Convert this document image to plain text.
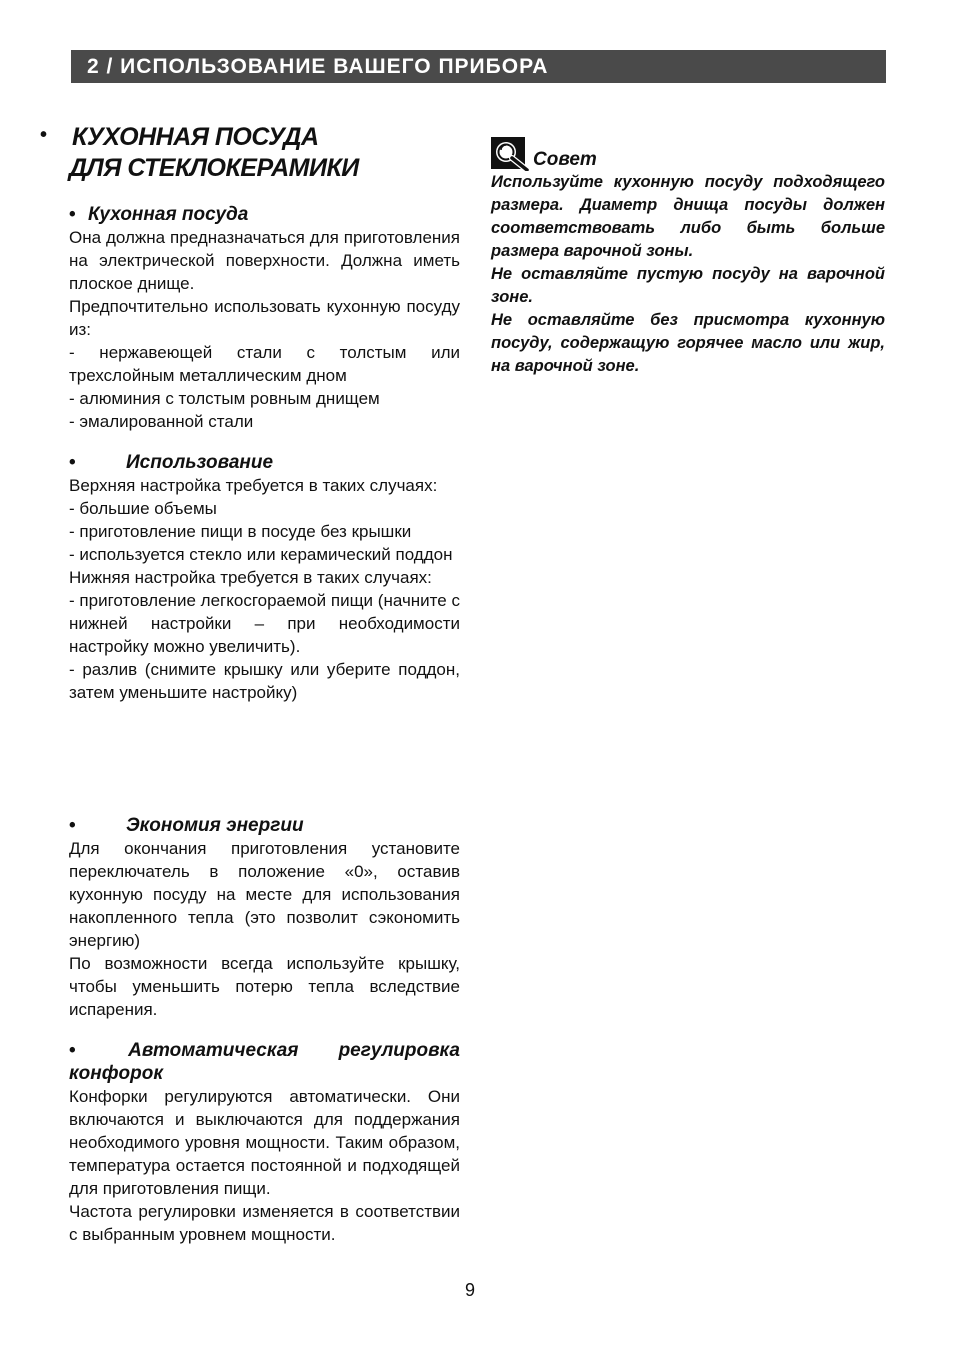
2 / ИСПОЛЬЗОВАНИЕ ВАШЕГО ПРИБОРА
•	КУХОННАЯ ПОСУДА
ДЛЯ СТЕКЛОКЕРАМИКИ
• Кухонная посуда

Она должна предназначаться для приготовления на электрической поверхности. Должна иметь плоское днище.

Предпочтительно использовать кухонную посуду из:

- нержавеющей стали с толстым или трехслойным металлическим дном

- алюминия с толстым ровным днищем

- эмалированной стали

•	Использование

Верхняя настройка требуется в таких случаях:

- большие объемы

- приготовление пищи в посуде без крышки

- используется стекло или керамический поддон

Нижняя настройка требуется в таких случаях:

- приготовление легкосгораемой пищи (начните с нижней настройки – при необходимости настройку можно увеличить).

- разлив (снимите крышку или уберите поддон, затем уменьшите настройку)

•	Экономия энергии

Для окончания приготовления установите переключатель в положение «0», оставив кухонную посуду на месте для использования накопленного тепла (это позволит сэкономить энергию)

По возможности всегда используйте крышку, чтобы уменьшить потерю тепла вследствие испарения.

•	Автоматическая регулировка конфорок

Конфорки регулируются автоматически. Они включаются и выключаются для поддержания необходимого уровня мощности. Таким образом, температура остается постоянной и подходящей для приготовления пищи.

Частота регулировки изменяется в соответствии с выбранным уровнем мощности.

Совет

Используйте кухонную посуду подходящего размера. Диаметр днища посуды должен соответствовать либо быть больше размера варочной зоны.

Не оставляйте пустую посуду на варочной зоне.

Не оставляйте без присмотра кухонную посуду, содержащую горячее масло или жир, на варочной зоне.

9
